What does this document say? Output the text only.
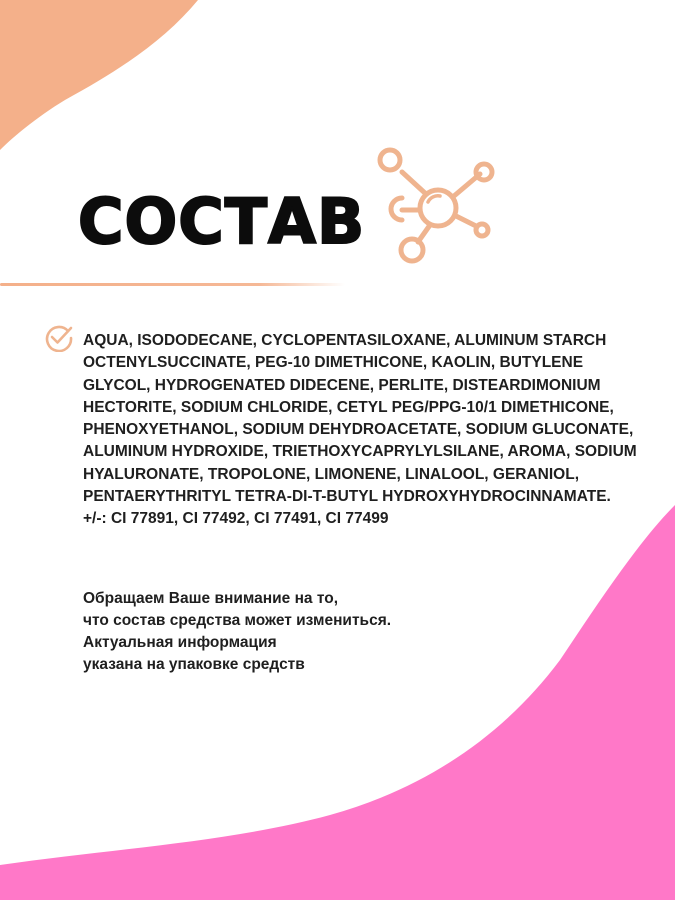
СОСТАВ

AQUA, ISODODECANE, CYCLOPENTASILOXANE, ALUMINUM STARCH OCTENYLSUCCINATE, PEG-10 DIMETHICONE, KAOLIN, BUTYLENE GLYCOL, HYDROGENATED DIDECENE, PERLITE, DISTEARDIMONIUM HECTORITE, SODIUM CHLORIDE, CETYL PEG/PPG-10/1 DIMETHICONE, PHENOXYETHANOL, SODIUM DEHYDROACETATE, SODIUM GLUCONATE, ALUMINUM HYDROXIDE, TRIETHOXYCAPRYLYLSILANE, AROMA, SODIUM HYALURONATE, TROPOLONE, LIMONENE, LINALOOL, GERANIOL, PENTAERYTHRITYL TETRA-DI-T-BUTYL HYDROXYHYDROCINNAMATE. +/-: CI 77891, CI 77492, CI 77491, CI 77499

Обращаем Ваше внимание на то,
что состав средства может измениться.
Актуальная информация
указана на упаковке средств
